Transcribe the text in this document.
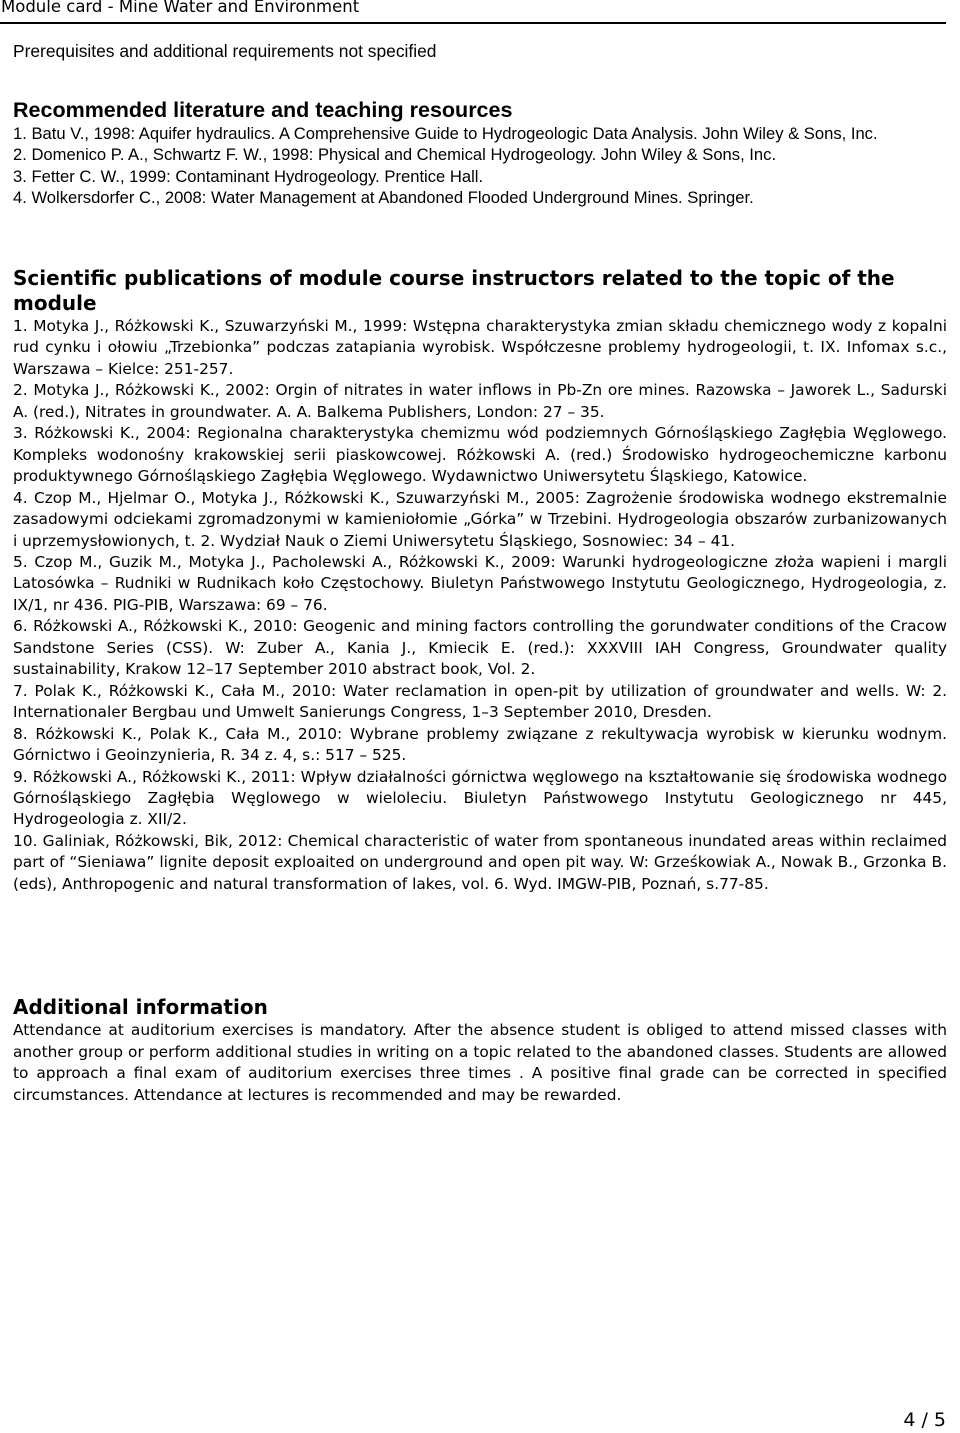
Module card - Mine Water and Environment
Prerequisites and additional requirements not specified
Recommended literature and teaching resources
1. Batu V., 1998: Aquifer hydraulics. A Comprehensive Guide to Hydrogeologic Data Analysis. John Wiley & Sons, Inc.
2. Domenico P. A., Schwartz F. W., 1998: Physical and Chemical Hydrogeology. John Wiley & Sons, Inc.
3. Fetter C. W., 1999: Contaminant Hydrogeology. Prentice Hall.
4. Wolkersdorfer C., 2008: Water Management at Abandoned Flooded Underground Mines. Springer.
Scientific publications of module course instructors related to the topic of the module
1. Motyka J., Różkowski K., Szuwarzyński M., 1999: Wstępna charakterystyka zmian składu chemicznego wody z kopalni rud cynku i ołowiu „Trzebionka” podczas zatapiania wyrobisk. Współczesne problemy hydrogeologii, t. IX. Infomax s.c., Warszawa – Kielce: 251-257.
2. Motyka J., Różkowski K., 2002: Orgin of nitrates in water inflows in Pb-Zn ore mines. Razowska – Jaworek L., Sadurski A. (red.), Nitrates in groundwater. A. A. Balkema Publishers, London: 27 – 35.
3. Różkowski K., 2004: Regionalna charakterystyka chemizmu wód podziemnych Górnośląskiego Zagłębia Węglowego. Kompleks wodonośny krakowskiej serii piaskowcowej. Różkowski A. (red.) Środowisko hydrogeochemiczne karbonu produktywnego Górnośląskiego Zagłębia Węglowego. Wydawnictwo Uniwersytetu Śląskiego, Katowice.
4. Czop M., Hjelmar O., Motyka J., Różkowski K., Szuwarzyński M., 2005: Zagrożenie środowiska wodnego ekstremalnie zasadowymi odciekami zgromadzonymi w kamieniołomie „Górka” w Trzebini. Hydrogeologia obszarów zurbanizowanych i uprzemysłowionych, t. 2. Wydział Nauk o Ziemi Uniwersytetu Śląskiego, Sosnowiec: 34 – 41.
5. Czop M., Guzik M., Motyka J., Pacholewski A., Różkowski K., 2009: Warunki hydrogeologiczne złoża wapieni i margli Latosówka – Rudniki w Rudnikach koło Częstochowy. Biuletyn Państwowego Instytutu Geologicznego, Hydrogeologia, z. IX/1, nr 436. PIG-PIB, Warszawa: 69 – 76.
6. Różkowski A., Różkowski K., 2010: Geogenic and mining factors controlling the gorundwater conditions of the Cracow Sandstone Series (CSS). W: Zuber A., Kania J., Kmiecik E. (red.): XXXVIII IAH Congress, Groundwater quality sustainability, Krakow 12–17 September 2010 abstract book, Vol. 2.
7. Polak K., Różkowski K., Cała M., 2010: Water reclamation in open-pit by utilization of groundwater and wells. W: 2. Internationaler Bergbau und Umwelt Sanierungs Congress, 1–3 September 2010, Dresden.
8. Różkowski K., Polak K., Cała M., 2010: Wybrane problemy związane z rekultywacja wyrobisk w kierunku wodnym. Górnictwo i Geoinzynieria, R. 34 z. 4, s.: 517 – 525.
9. Różkowski A., Różkowski K., 2011: Wpływ działalności górnictwa węglowego na kształtowanie się środowiska wodnego Górnośląskiego Zagłębia Węglowego w wieloleciu. Biuletyn Państwowego Instytutu Geologicznego nr 445, Hydrogeologia z. XII/2.
10. Galiniak, Różkowski, Bik, 2012: Chemical characteristic of water from spontaneous inundated areas within reclaimed part of “Sieniawa” lignite deposit exploaited on underground and open pit way. W: Grześkowiak A., Nowak B., Grzonka B. (eds), Anthropogenic and natural transformation of lakes, vol. 6. Wyd. IMGW-PIB, Poznań, s.77-85.
Additional information

Attendance at auditorium exercises is mandatory. After the absence student is obliged to attend missed classes with another group or perform additional studies in writing on a topic related to the abandoned classes. Students are allowed to approach a final exam of auditorium exercises three times . A positive final grade can be corrected in specified circumstances. Attendance at lectures is recommended and may be rewarded.

4 / 5
